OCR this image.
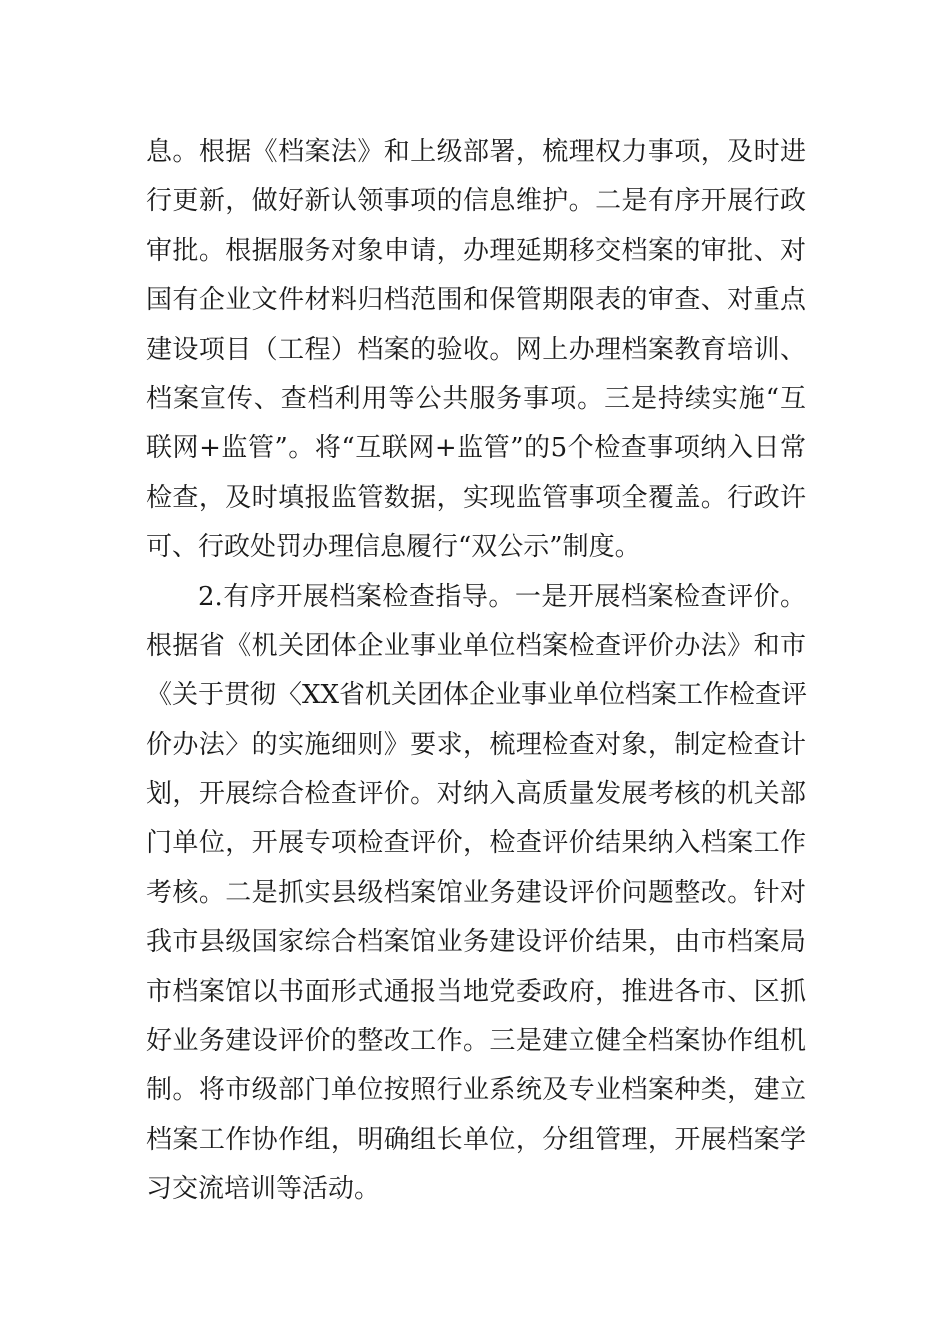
息。根据《档案法》和上级部署，梳理权力事项，及时进
行更新，做好新认领事项的信息维护。二是有序开展行政
审批。根据服务对象申请，办理延期移交档案的审批、对
国有企业文件材料归档范围和保管期限表的审查、对重点
建设项目（工程）档案的验收。网上办理档案教育培训、
档案宣传、查档利用等公共服务事项。三是持续实施“互
联网+监管”。将“互联网+监管”的5个检查事项纳入日常
检查，及时填报监管数据，实现监管事项全覆盖。行政许
可、行政处罚办理信息履行“双公示”制度。
2.有序开展档案检查指导。一是开展档案检查评价。
根据省《机关团体企业事业单位档案检查评价办法》和市
《关于贯彻〈XX省机关团体企业事业单位档案工作检查评
价办法〉的实施细则》要求，梳理检查对象，制定检查计
划，开展综合检查评价。对纳入高质量发展考核的机关部
门单位，开展专项检查评价，检查评价结果纳入档案工作
考核。二是抓实县级档案馆业务建设评价问题整改。针对
我市县级国家综合档案馆业务建设评价结果，由市档案局
市档案馆以书面形式通报当地党委政府，推进各市、区抓
好业务建设评价的整改工作。三是建立健全档案协作组机
制。将市级部门单位按照行业系统及专业档案种类，建立
档案工作协作组，明确组长单位，分组管理，开展档案学
习交流培训等活动。
